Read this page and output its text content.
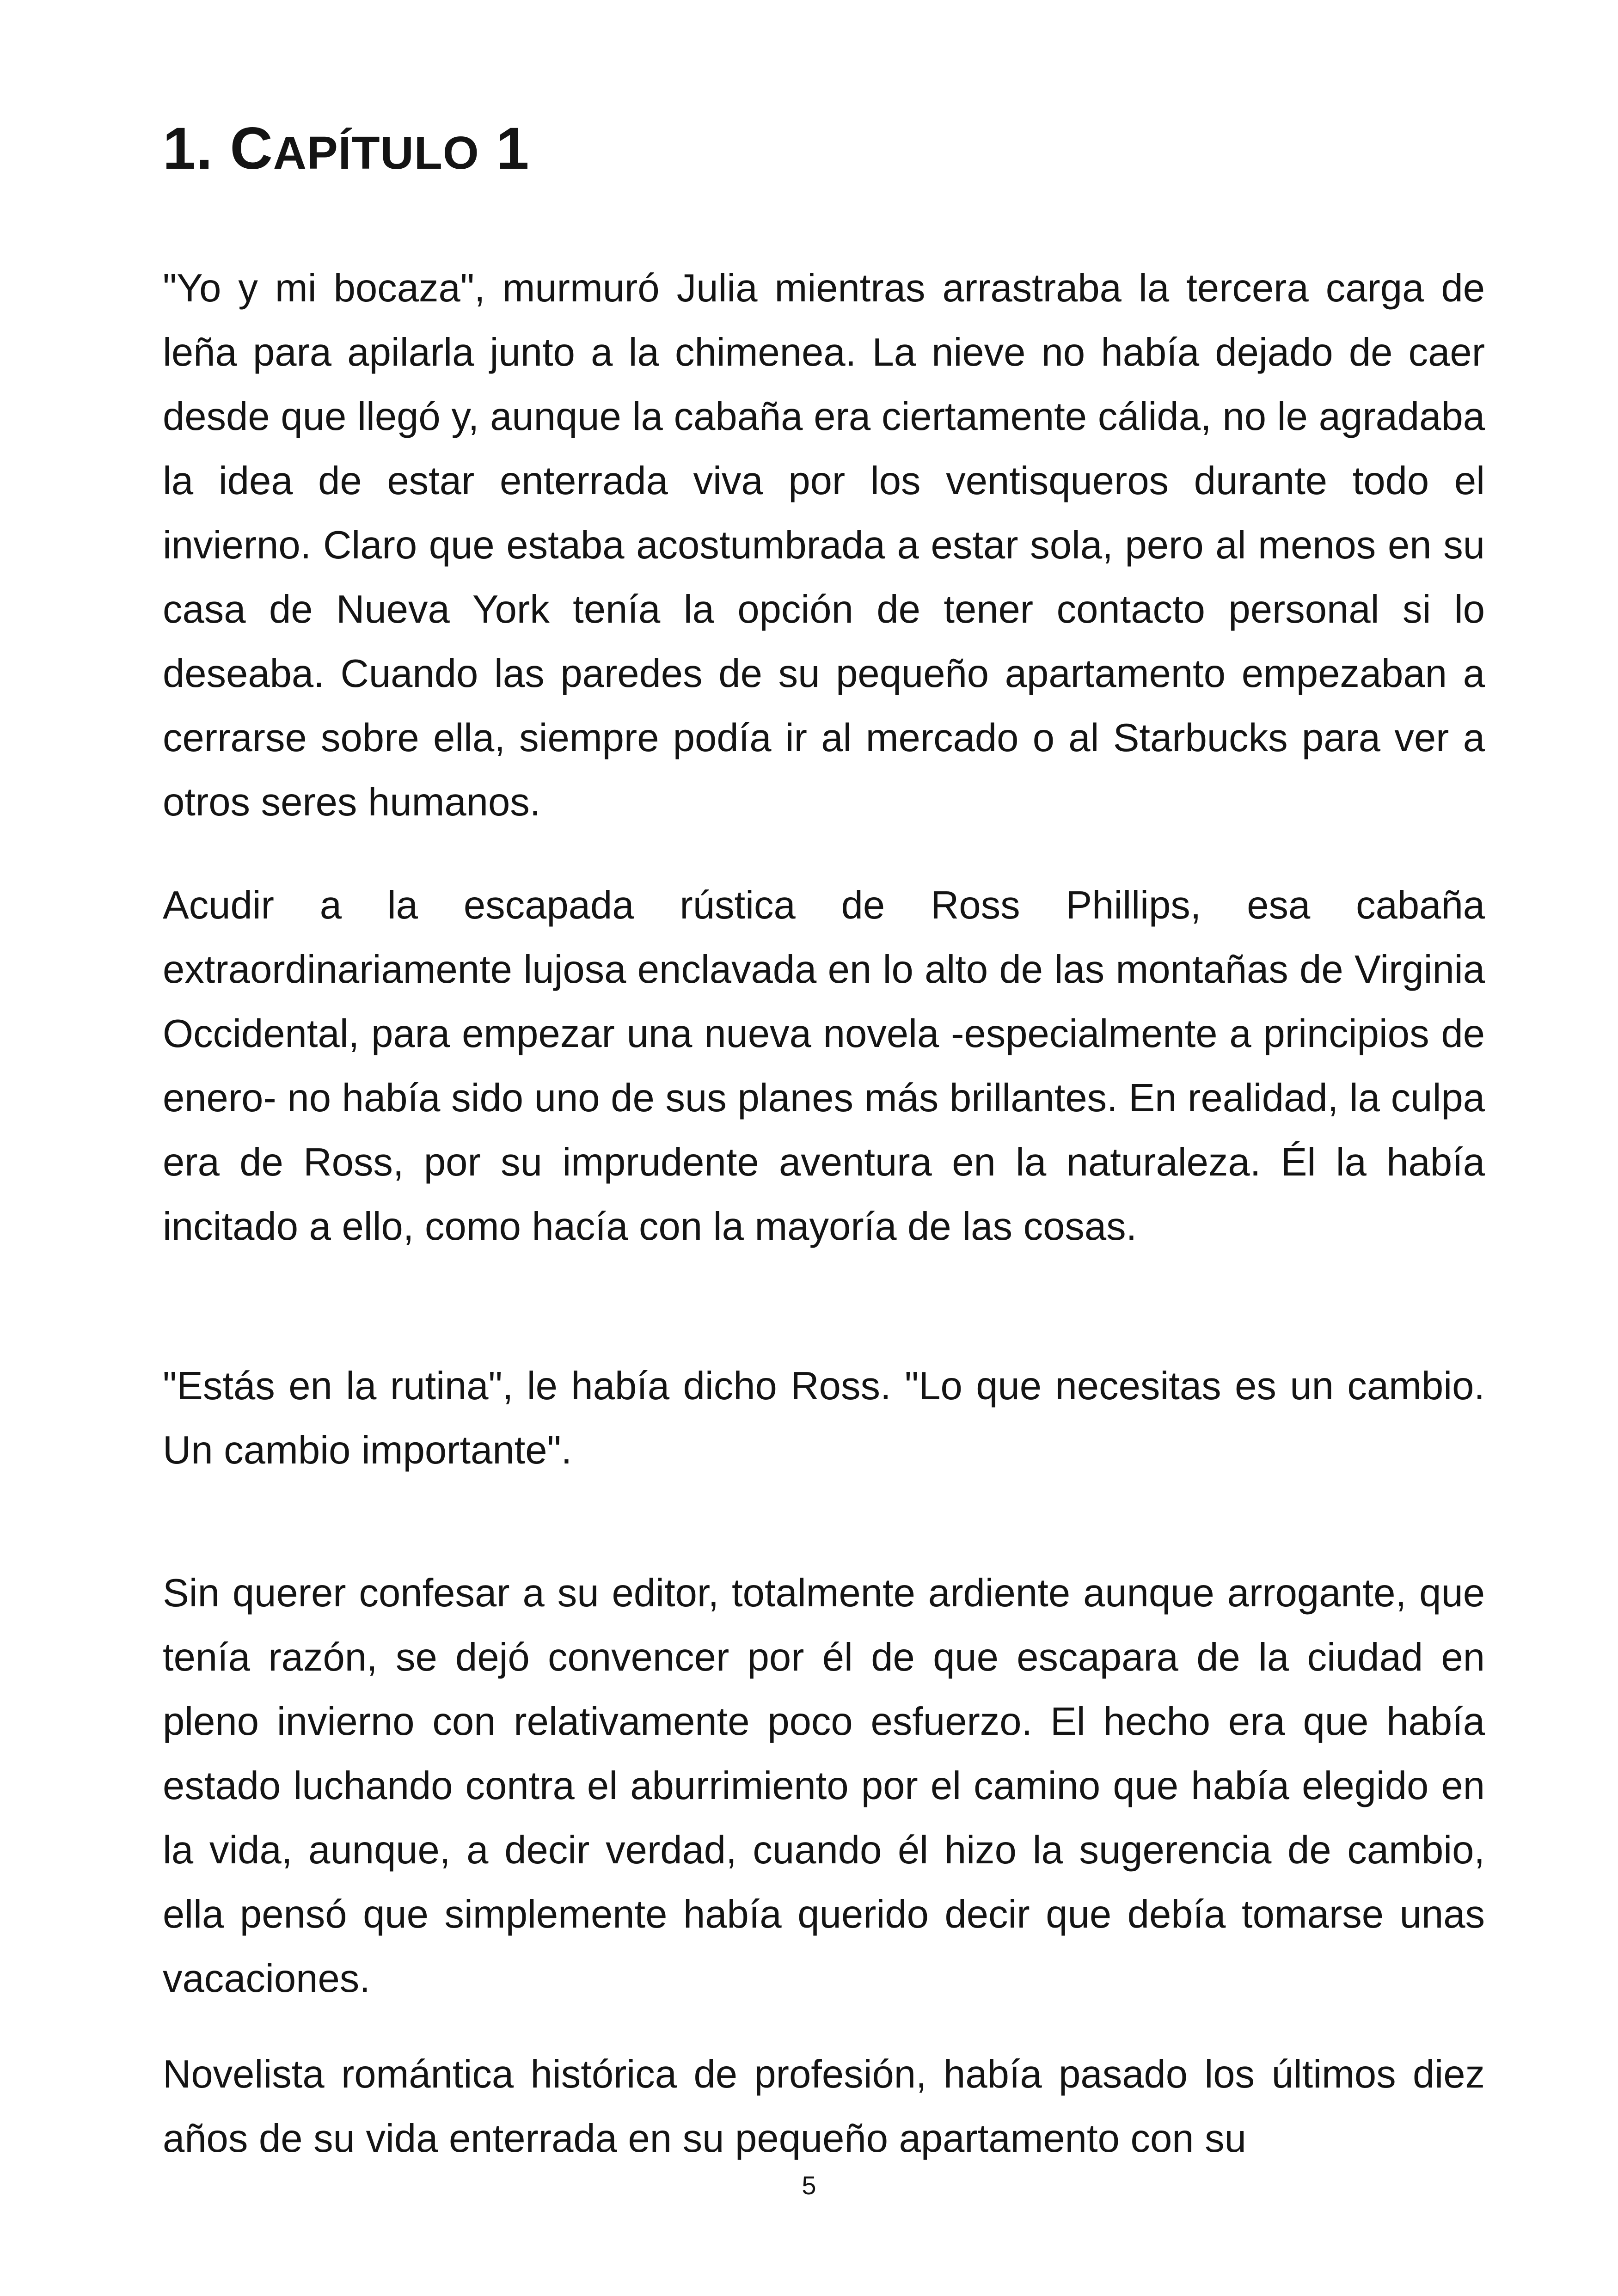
1. CAPÍTULO 1

"Yo y mi bocaza", murmuró Julia mientras arrastraba la tercera carga de leña para apilarla junto a la chimenea. La nieve no había dejado de caer desde que llegó y, aunque la cabaña era ciertamente cálida, no le agradaba la idea de estar enterrada viva por los ventisqueros durante todo el invierno. Claro que estaba acostumbrada a estar sola, pero al menos en su casa de Nueva York tenía la opción de tener contacto personal si lo deseaba. Cuando las paredes de su pequeño apartamento empezaban a cerrarse sobre ella, siempre podía ir al mercado o al Starbucks para ver a otros seres humanos.

Acudir a la escapada rústica de Ross Phillips, esa cabaña extraordinariamente lujosa enclavada en lo alto de las montañas de Virginia Occidental, para empezar una nueva novela -especialmente a principios de enero- no había sido uno de sus planes más brillantes. En realidad, la culpa era de Ross, por su imprudente aventura en la naturaleza. Él la había incitado a ello, como hacía con la mayoría de las cosas.

"Estás en la rutina", le había dicho Ross. "Lo que necesitas es un cambio. Un cambio importante".

Sin querer confesar a su editor, totalmente ardiente aunque arrogante, que tenía razón, se dejó convencer por él de que escapara de la ciudad en pleno invierno con relativamente poco esfuerzo. El hecho era que había estado luchando contra el aburrimiento por el camino que había elegido en la vida, aunque, a decir verdad, cuando él hizo la sugerencia de cambio, ella pensó que simplemente había querido decir que debía tomarse unas vacaciones.

Novelista romántica histórica de profesión, había pasado los últimos diez años de su vida enterrada en su pequeño apartamento con su

5
